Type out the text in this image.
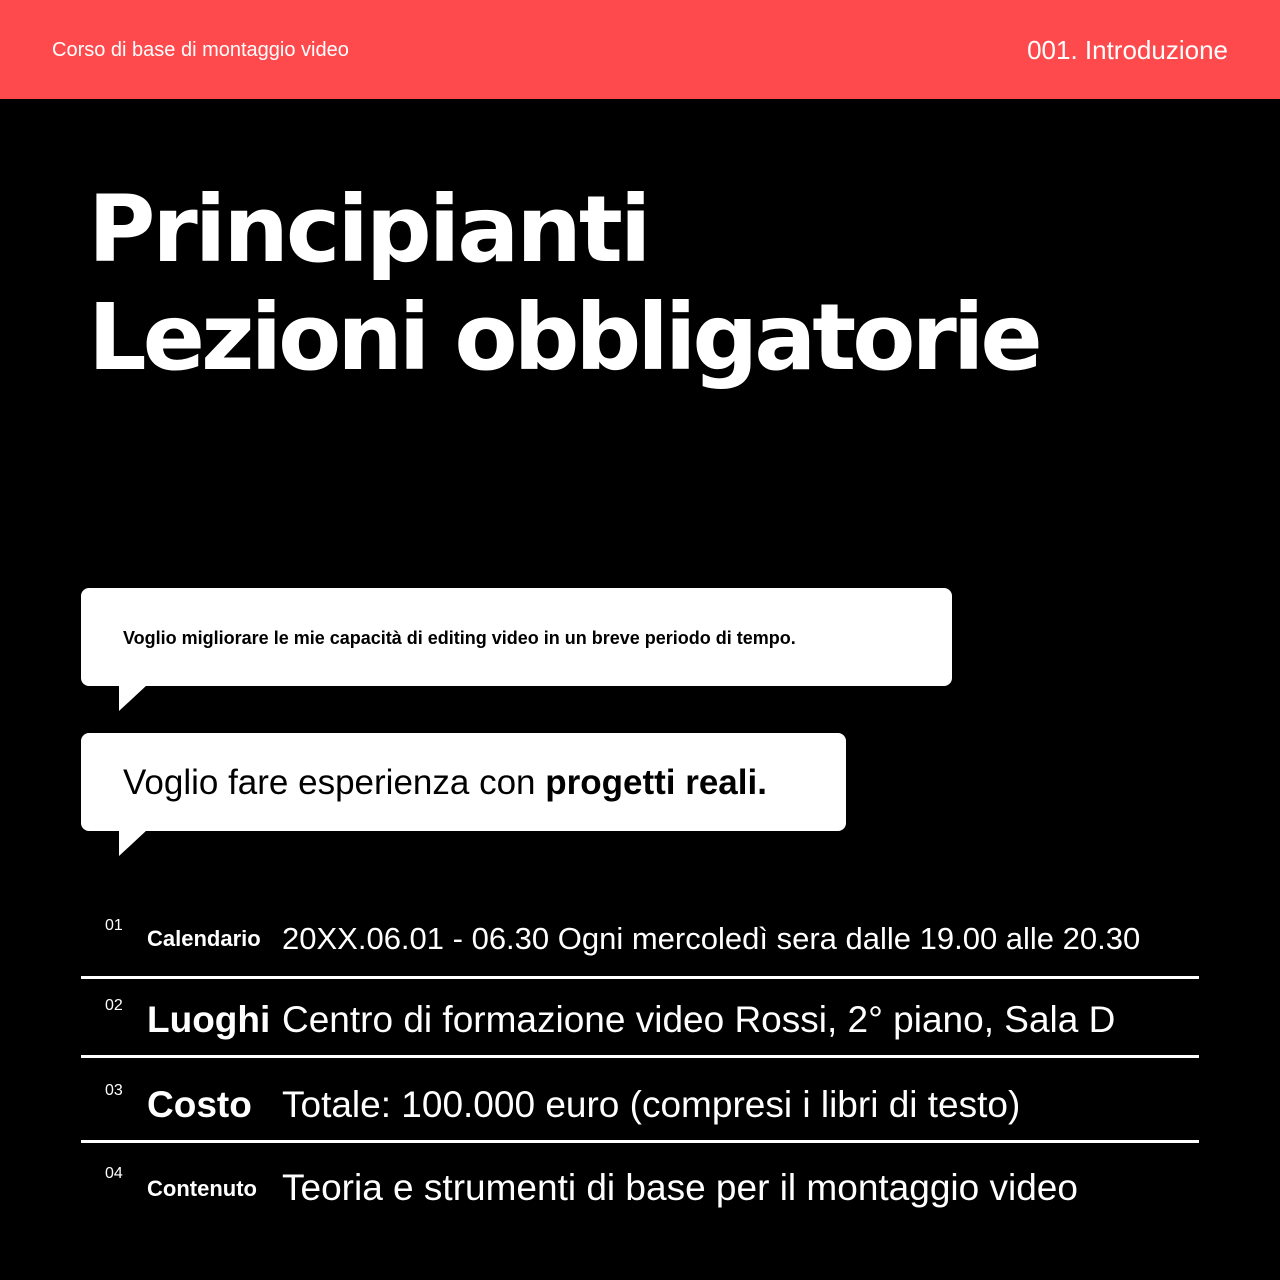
Corso di base di montaggio video	001. Introduzione
Principianti
Lezioni obbligatorie
Voglio migliorare le mie capacità di editing video in un breve periodo di tempo.
Voglio fare esperienza con progetti reali.
01
Calendario 20XX.06.01 - 06.30 Ogni mercoledì sera dalle 19.00 alle 20.30
02 Luoghi Centro di formazione video Rossi, 2° piano, Sala D
03 Costo Totale: 100.000 euro (compresi i libri di testo)
04
Contenuto Teoria e strumenti di base per il montaggio video
